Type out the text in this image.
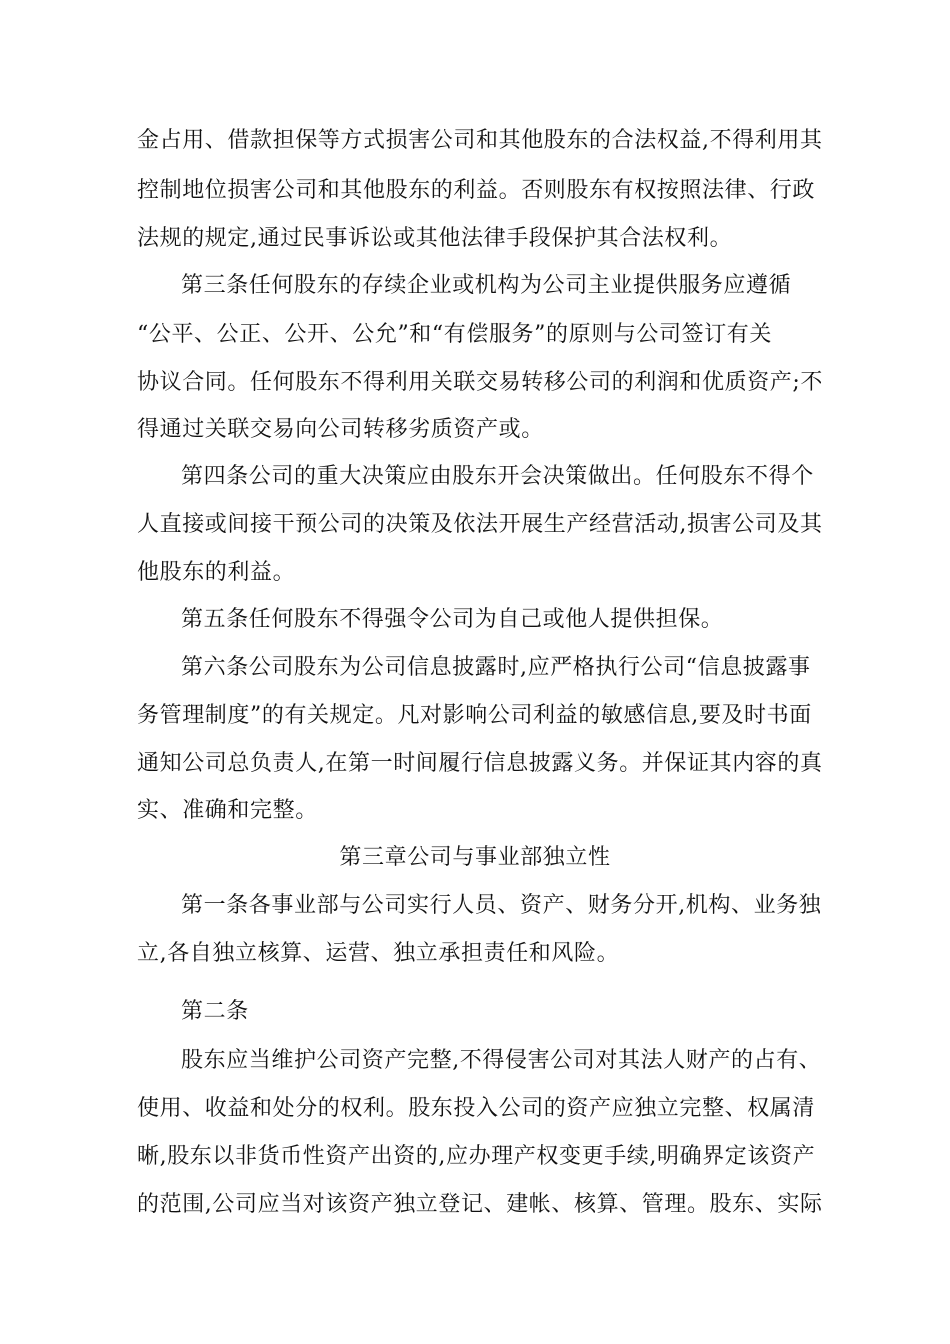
金占用、借款担保等方式损害公司和其他股东的合法权益,不得利用其
控制地位损害公司和其他股东的利益。否则股东有权按照法律、行政
法规的规定,通过民事诉讼或其他法律手段保护其合法权利。
第三条任何股东的存续企业或机构为公司主业提供服务应遵循
“公平、公正、公开、公允”和“有偿服务”的原则与公司签订有关
协议合同。任何股东不得利用关联交易转移公司的利润和优质资产;不
得通过关联交易向公司转移劣质资产或。
第四条公司的重大决策应由股东开会决策做出。任何股东不得个
人直接或间接干预公司的决策及依法开展生产经营活动,损害公司及其
他股东的利益。
第五条任何股东不得强令公司为自己或他人提供担保。
第六条公司股东为公司信息披露时,应严格执行公司“信息披露事
务管理制度”的有关规定。凡对影响公司利益的敏感信息,要及时书面
通知公司总负责人,在第一时间履行信息披露义务。并保证其内容的真
实、准确和完整。
第三章公司与事业部独立性
第一条各事业部与公司实行人员、资产、财务分开,机构、业务独
立,各自独立核算、运营、独立承担责任和风险。
第二条
股东应当维护公司资产完整,不得侵害公司对其法人财产的占有、
使用、收益和处分的权利。股东投入公司的资产应独立完整、权属清
晰,股东以非货币性资产出资的,应办理产权变更手续,明确界定该资产
的范围,公司应当对该资产独立登记、建帐、核算、管理。股东、实际
